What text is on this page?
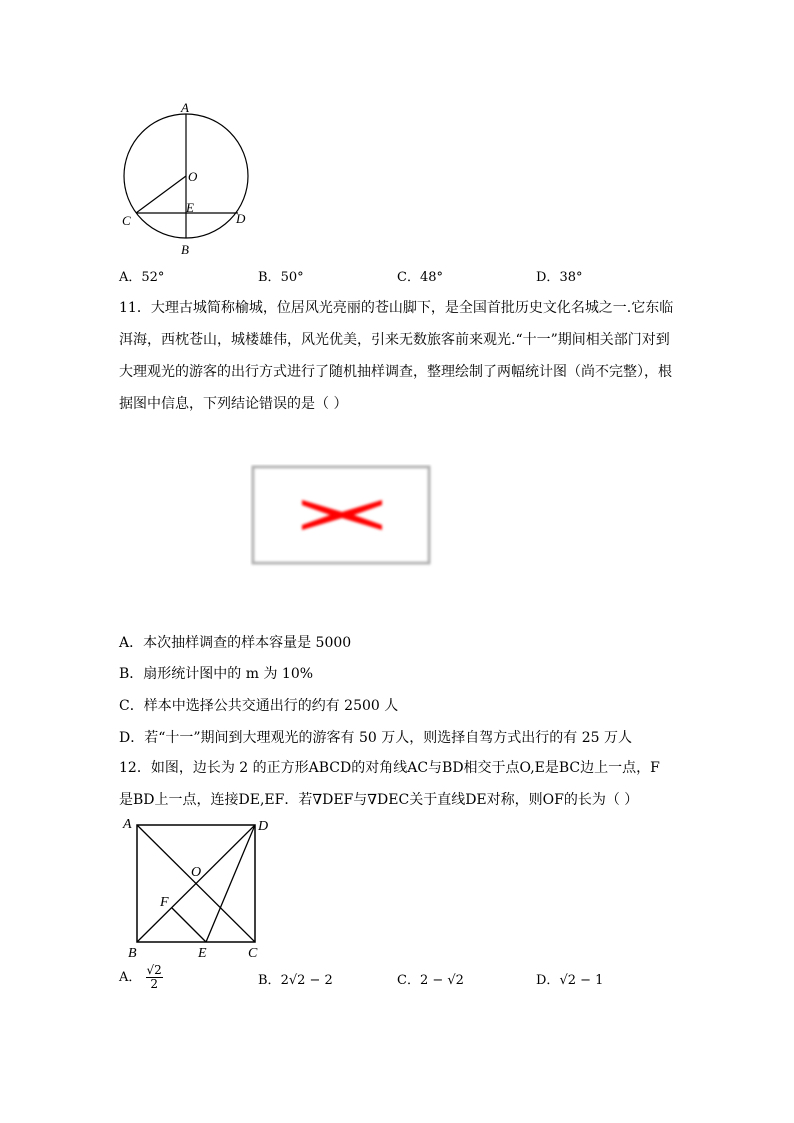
A
O
E
C	D
B
A．52°	B．50°	C．48°	D．38°
11．大理古城简称榆城，位居风光亮丽的苍山脚下，是全国首批历史文化名城之一.它东临
洱海，西枕苍山，城楼雄伟，风光优美，引来无数旅客前来观光.“十一”期间相关部门对到
大理观光的游客的出行方式进行了随机抽样调查，整理绘制了两幅统计图（尚不完整），根
据图中信息，下列结论错误的是（ ）
A．本次抽样调查的样本容量是 5000
B．扇形统计图中的 m 为 10%
C．样本中选择公共交通出行的约有 2500 人
D．若“十一”期间到大理观光的游客有 50 万人，则选择自驾方式出行的有 25 万人
12．如图，边长为 2 的正方形ABCD的对角线AC与BD相交于点O,E是BC边上一点，F
是BD上一点，连接DE,EF．若∇DEF与∇DEC关于直线DE对称，则OF的长为（ ）
A	D
O
F
B	E	C
A． $\frac{√2}{2}$	B．2√2 − 2	C．2 − √2	D．√2 − 1
